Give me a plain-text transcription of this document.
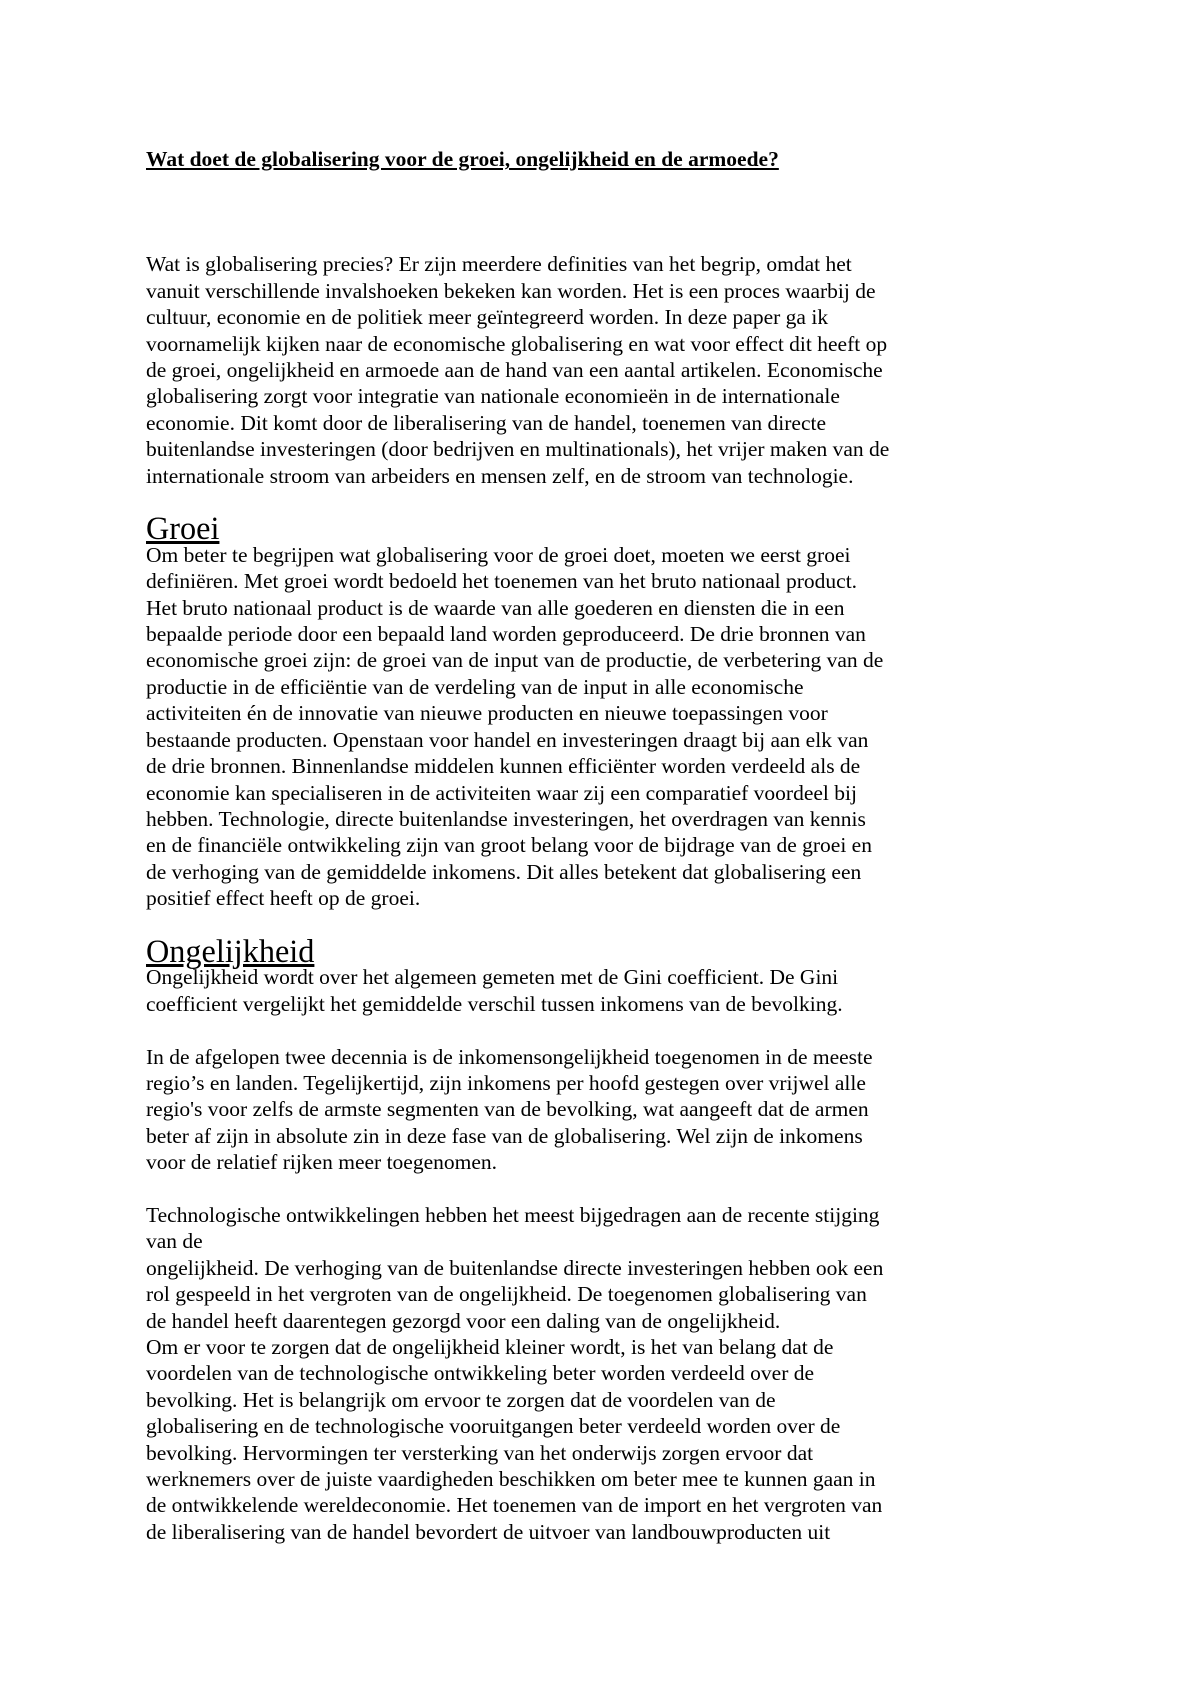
Wat doet de globalisering voor de groei, ongelijkheid en de armoede?

Wat is globalisering precies? Er zijn meerdere definities van het begrip, omdat het
vanuit verschillende invalshoeken bekeken kan worden. Het is een proces waarbij de
cultuur, economie en de politiek meer geïntegreerd worden. In deze paper ga ik
voornamelijk kijken naar de economische globalisering en wat voor effect dit heeft op
de groei, ongelijkheid en armoede aan de hand van een aantal artikelen. Economische
globalisering zorgt voor integratie van nationale economieën in de internationale
economie. Dit komt door de liberalisering van de handel, toenemen van directe
buitenlandse investeringen (door bedrijven en multinationals), het vrijer maken van de
internationale stroom van arbeiders en mensen zelf, en de stroom van technologie.

Groei

Om beter te begrijpen wat globalisering voor de groei doet, moeten we eerst groei
definiëren. Met groei wordt bedoeld het toenemen van het bruto nationaal product.
Het bruto nationaal product is de waarde van alle goederen en diensten die in een
bepaalde periode door een bepaald land worden geproduceerd. De drie bronnen van
economische groei zijn: de groei van de input van de productie, de verbetering van de
productie in de efficiëntie van de verdeling van de input in alle economische
activiteiten én de innovatie van nieuwe producten en nieuwe toepassingen voor
bestaande producten. Openstaan voor handel en investeringen draagt bij aan elk van
de drie bronnen. Binnenlandse middelen kunnen efficiënter worden verdeeld als de
economie kan specialiseren in de activiteiten waar zij een comparatief voordeel bij
hebben. Technologie, directe buitenlandse investeringen, het overdragen van kennis
en de financiële ontwikkeling zijn van groot belang voor de bijdrage van de groei en
de verhoging van de gemiddelde inkomens. Dit alles betekent dat globalisering een
positief effect heeft op de groei.

Ongelijkheid

Ongelijkheid wordt over het algemeen gemeten met de Gini coefficient. De Gini
coefficient vergelijkt het gemiddelde verschil tussen inkomens van de bevolking.

In de afgelopen twee decennia is de inkomensongelijkheid toegenomen in de meeste
regio’s en landen. Tegelijkertijd, zijn inkomens per hoofd gestegen over vrijwel alle
regio's voor zelfs de armste segmenten van de bevolking, wat aangeeft dat de armen
beter af zijn in absolute zin in deze fase van de globalisering. Wel zijn de inkomens
voor de relatief rijken meer toegenomen.

Technologische ontwikkelingen hebben het meest bijgedragen aan de recente stijging
van de
ongelijkheid. De verhoging van de buitenlandse directe investeringen hebben ook een
rol gespeeld in het vergroten van de ongelijkheid. De toegenomen globalisering van
de handel heeft daarentegen gezorgd voor een daling van de ongelijkheid.
Om er voor te zorgen dat de ongelijkheid kleiner wordt, is het van belang dat de
voordelen van de technologische ontwikkeling beter worden verdeeld over de
bevolking. Het is belangrijk om ervoor te zorgen dat de voordelen van de
globalisering en de technologische vooruitgangen beter verdeeld worden over de
bevolking. Hervormingen ter versterking van het onderwijs zorgen ervoor dat
werknemers over de juiste vaardigheden beschikken om beter mee te kunnen gaan in
de ontwikkelende wereldeconomie. Het toenemen van de import en het vergroten van
de liberalisering van de handel bevordert de uitvoer van landbouwproducten uit
